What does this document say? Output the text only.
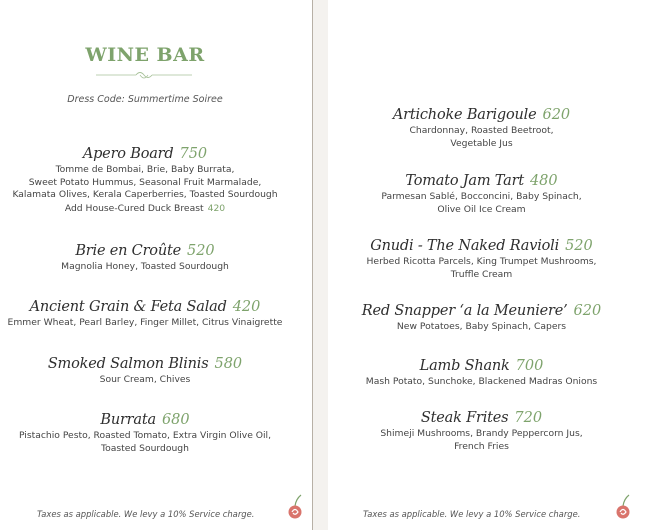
WINE BAR
Dress Code: Summertime Soiree
Apero Board 750
Tomme de Bombai, Brie, Baby Burrata,
Sweet Potato Hummus, Seasonal Fruit Marmalade,
Kalamata Olives, Kerala Caperberries, Toasted Sourdough
Add House-Cured Duck Breast 420
Brie en Croûte 520
Magnolia Honey, Toasted Sourdough
Ancient Grain & Feta Salad 420
Emmer Wheat, Pearl Barley, Finger Millet, Citrus Vinaigrette
Smoked Salmon Blinis 580
Sour Cream, Chives
Burrata 680
Pistachio Pesto, Roasted Tomato, Extra Virgin Olive Oil,
Toasted Sourdough
Taxes as applicable. We levy a 10% Service charge.
Artichoke Barigoule 620
Chardonnay, Roasted Beetroot,
Vegetable Jus
Tomato Jam Tart 480
Parmesan Sablé, Bocconcini, Baby Spinach,
Olive Oil Ice Cream
Gnudi - The Naked Ravioli 520
Herbed Ricotta Parcels, King Trumpet Mushrooms,
Truffle Cream
Red Snapper ‘a la Meuniere’ 620
New Potatoes, Baby Spinach, Capers
Lamb Shank 700
Mash Potato, Sunchoke, Blackened Madras Onions
Steak Frites 720
Shimeji Mushrooms, Brandy Peppercorn Jus,
French Fries
Taxes as applicable. We levy a 10% Service charge.
